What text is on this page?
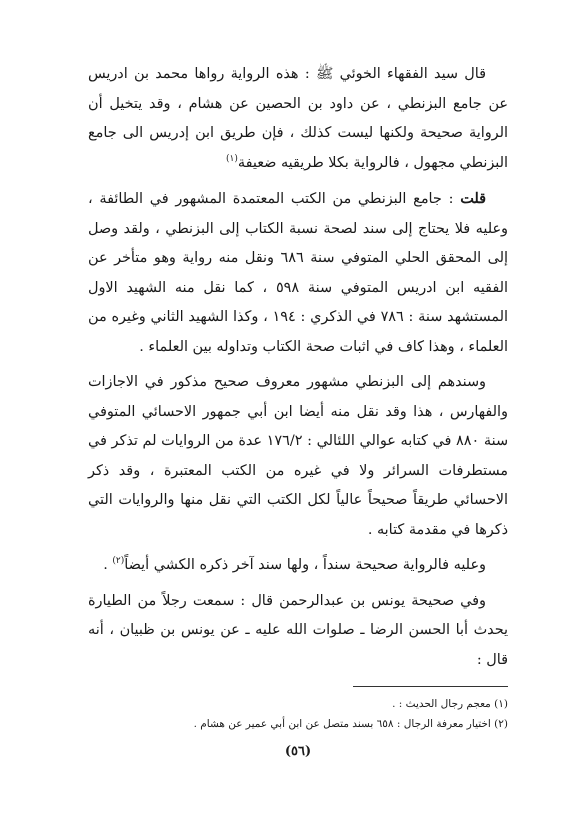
قال سيد الفقهاء الخوئي ﷺ : هذه الرواية رواها محمد بن ادريس عن جامع البزنطي ، عن داود بن الحصين عن هشام ، وقد يتخيل أن الرواية صحيحة ولكنها ليست كذلك ، فإن طريق ابن إدريس الى جامع البزنطي مجهول ، فالرواية بكلا طريقيه ضعيفة$^{(١)}$

قلت : جامع البزنطي من الكتب المعتمدة المشهور في الطائفة ، وعليه فلا يحتاج إلى سند لصحة نسبة الكتاب إلى البزنطي ، ولقد وصل إلى المحقق الحلي المتوفي سنة ٦٨٦ ونقل منه رواية وهو متأخر عن الفقيه ابن ادريس المتوفي سنة ٥٩٨ ، كما نقل منه الشهيد الاول المستشهد سنة : ٧٨٦ في الذكري : ١٩٤ ، وكذا الشهيد الثاني وغيره من العلماء ، وهذا كاف في اثبات صحة الكتاب وتداوله بين العلماء .

وسندهم إلى البزنطي مشهور معروف صحيح مذكور في الاجازات والفهارس ، هذا وقد نقل منه أيضا ابن أبي جمهور الاحسائي المتوفي سنة ٨٨٠ في كتابه عوالي اللئالي : ١٧٦/٢ عدة من الروايات لم تذكر في مستطرفات السرائر ولا في غيره من الكتب المعتبرة ، وقد ذكر الاحسائي طريقاً صحيحاً عالياً لكل الكتب التي نقل منها والروايات التي ذكرها في مقدمة كتابه .

وعليه فالرواية صحيحة سنداً ، ولها سند آخر ذكره الكشي أيضاً$^{(٢)}$ .

وفي صحيحة يونس بن عبدالرحمن قال : سمعت رجلاً من الطيارة يحدث أبا الحسن الرضا ـ صلوات الله عليه ـ عن يونس بن ظبيان ، أنه قال :

(١) معجم رجال الحديث : .

(٢) اختيار معرفة الرجال : ٦٥٨ بسند متصل عن ابن أبي عمير عن هشام .

(٥٦)
